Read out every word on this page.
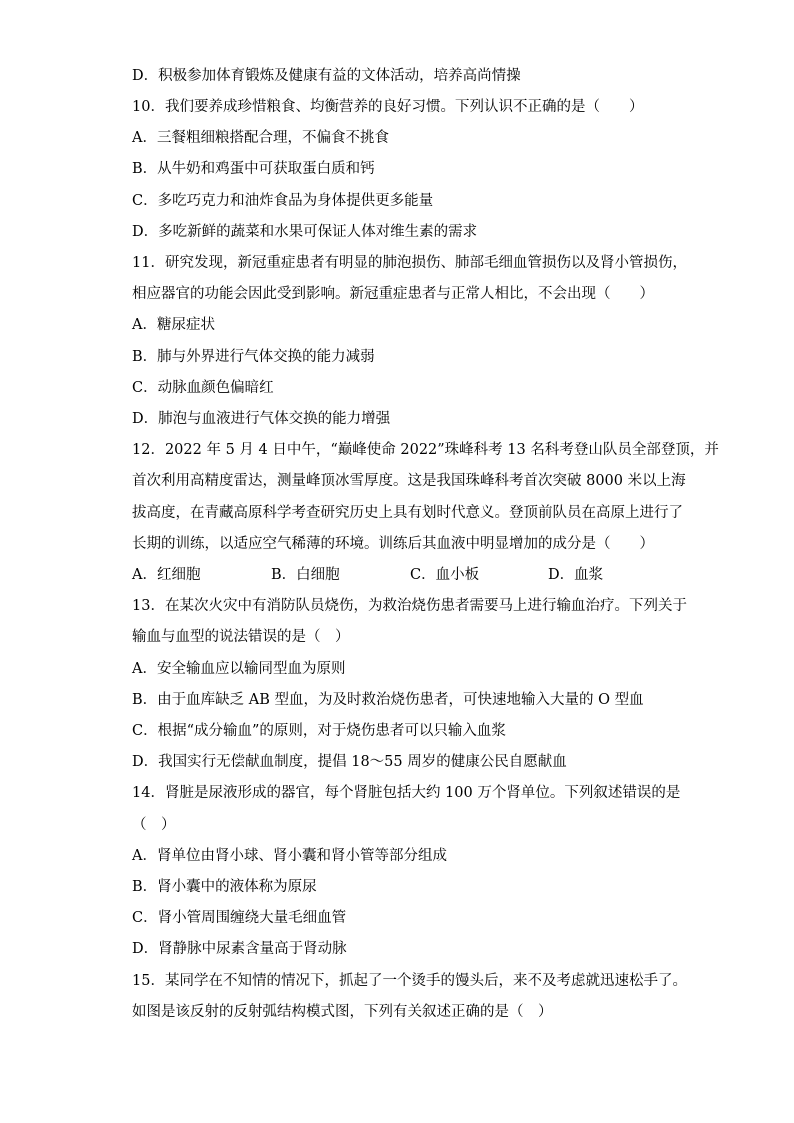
D．积极参加体育锻炼及健康有益的文体活动，培养高尚情操
10．我们要养成珍惜粮食、均衡营养的良好习惯。下列认识不正确的是（　　）
A．三餐粗细粮搭配合理，不偏食不挑食
B．从牛奶和鸡蛋中可获取蛋白质和钙
C．多吃巧克力和油炸食品为身体提供更多能量
D．多吃新鲜的蔬菜和水果可保证人体对维生素的需求
11．研究发现，新冠重症患者有明显的肺泡损伤、肺部毛细血管损伤以及肾小管损伤，
相应器官的功能会因此受到影响。新冠重症患者与正常人相比，不会出现（　　）
A．糖尿症状
B．肺与外界进行气体交换的能力减弱
C．动脉血颜色偏暗红
D．肺泡与血液进行气体交换的能力增强
12．2022 年 5 月 4 日中午，“巅峰使命 2022”珠峰科考 13 名科考登山队员全部登顶，并
首次利用高精度雷达，测量峰顶冰雪厚度。这是我国珠峰科考首次突破 8000 米以上海
拔高度，在青藏高原科学考查研究历史上具有划时代意义。登顶前队员在高原上进行了
长期的训练，以适应空气稀薄的环境。训练后其血液中明显增加的成分是（　　）
A．红细胞	B．白细胞	C．血小板	D．血浆
13．在某次火灾中有消防队员烧伤，为救治烧伤患者需要马上进行输血治疗。下列关于
输血与血型的说法错误的是（　）
A．安全输血应以输同型血为原则
B．由于血库缺乏 AB 型血，为及时救治烧伤患者，可快速地输入大量的 O 型血
C．根据“成分输血”的原则，对于烧伤患者可以只输入血浆
D．我国实行无偿献血制度，提倡 18～55 周岁的健康公民自愿献血
14．肾脏是尿液形成的器官，每个肾脏包括大约 100 万个肾单位。下列叙述错误的是
（　）
A．肾单位由肾小球、肾小囊和肾小管等部分组成
B．肾小囊中的液体称为原尿
C．肾小管周围缠绕大量毛细血管
D．肾静脉中尿素含量高于肾动脉
15．某同学在不知情的情况下，抓起了一个烫手的馒头后，来不及考虑就迅速松手了。
如图是该反射的反射弧结构模式图，下列有关叙述正确的是（　）
